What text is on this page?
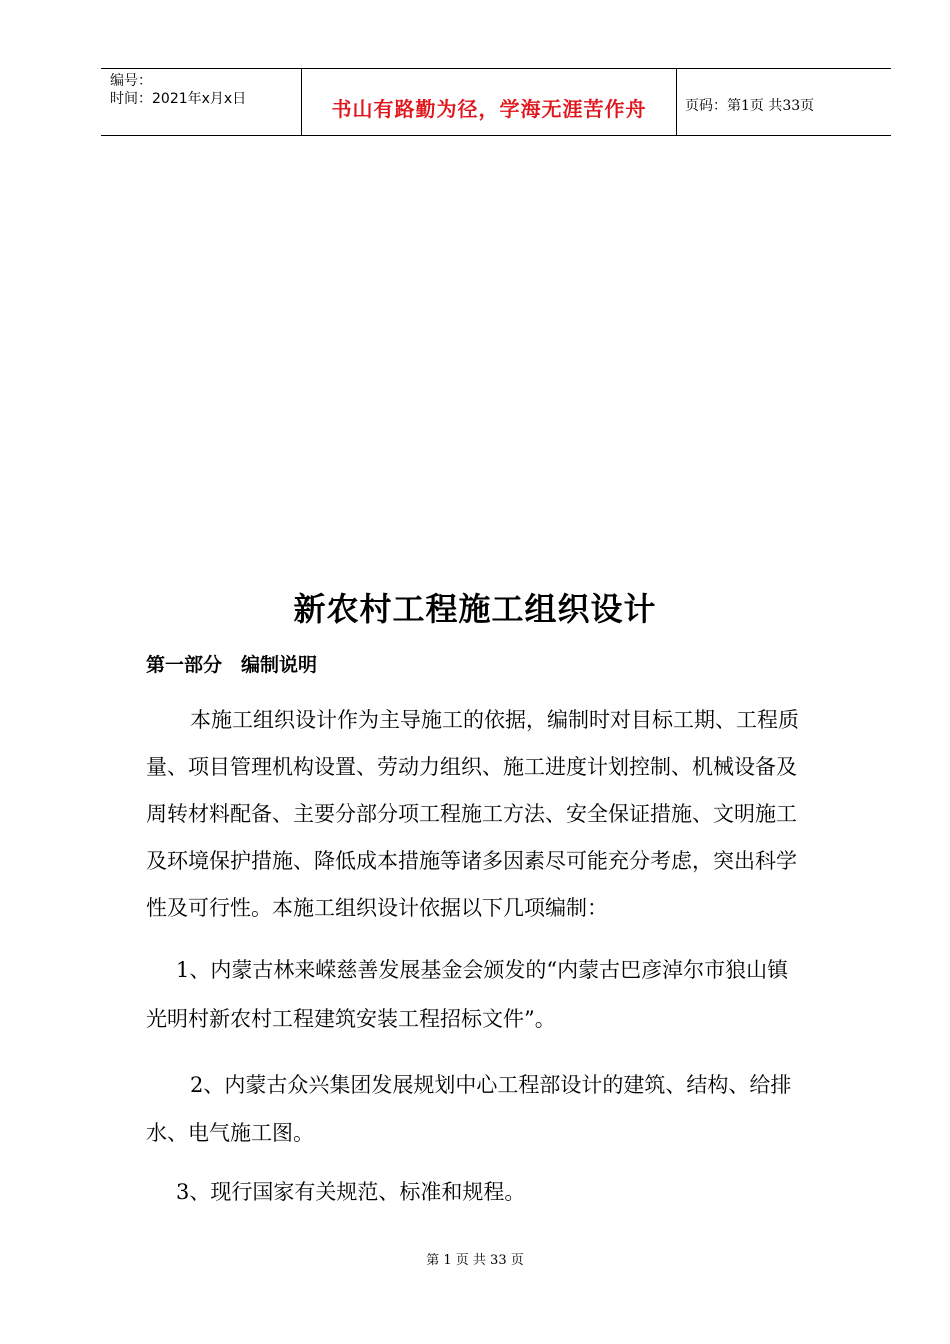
编号：
时间：2021年x月x日	书山有路勤为径，学海无涯苦作舟	页码：第1页 共33页
新农村工程施工组织设计
第一部分　编制说明
本施工组织设计作为主导施工的依据，编制时对目标工期、工程质
量、项目管理机构设置、劳动力组织、施工进度计划控制、机械设备及
周转材料配备、主要分部分项工程施工方法、安全保证措施、文明施工
及环境保护措施、降低成本措施等诸多因素尽可能充分考虑，突出科学
性及可行性。本施工组织设计依据以下几项编制：
1、内蒙古林来嵘慈善发展基金会颁发的“内蒙古巴彦淖尔市狼山镇
光明村新农村工程建筑安装工程招标文件”。
2、内蒙古众兴集团发展规划中心工程部设计的建筑、结构、给排
水、电气施工图。
3、现行国家有关规范、标准和规程。
第 1 页 共 33 页
